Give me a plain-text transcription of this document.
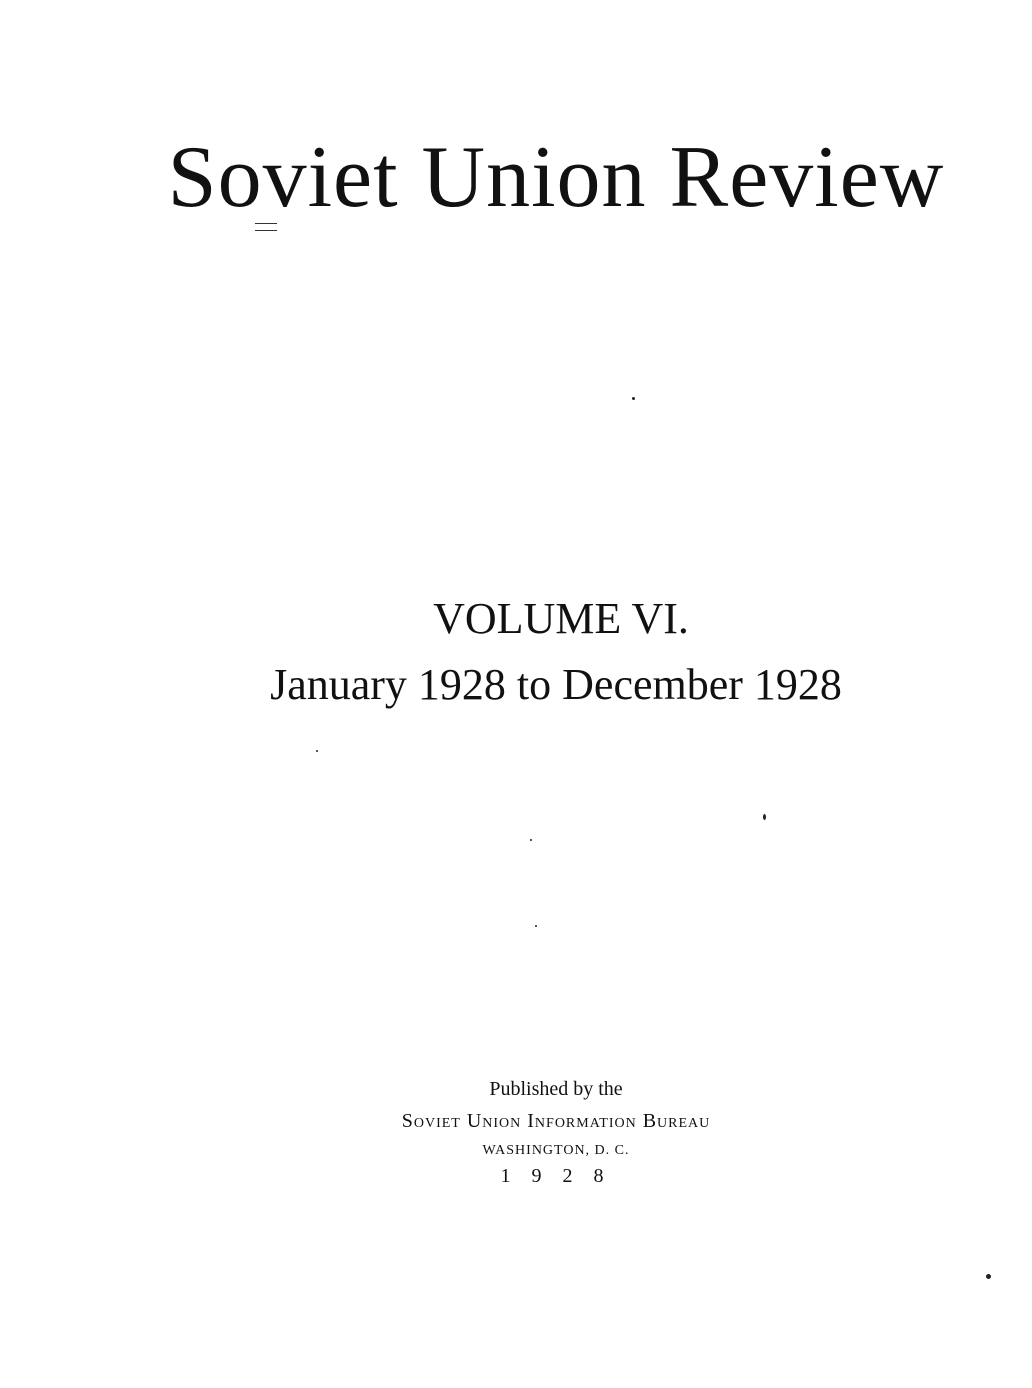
Soviet Union Review
VOLUME VI.
January 1928 to December 1928
Published by the
Soviet Union Information Bureau
WASHINGTON, D. C.
1 9 2 8
